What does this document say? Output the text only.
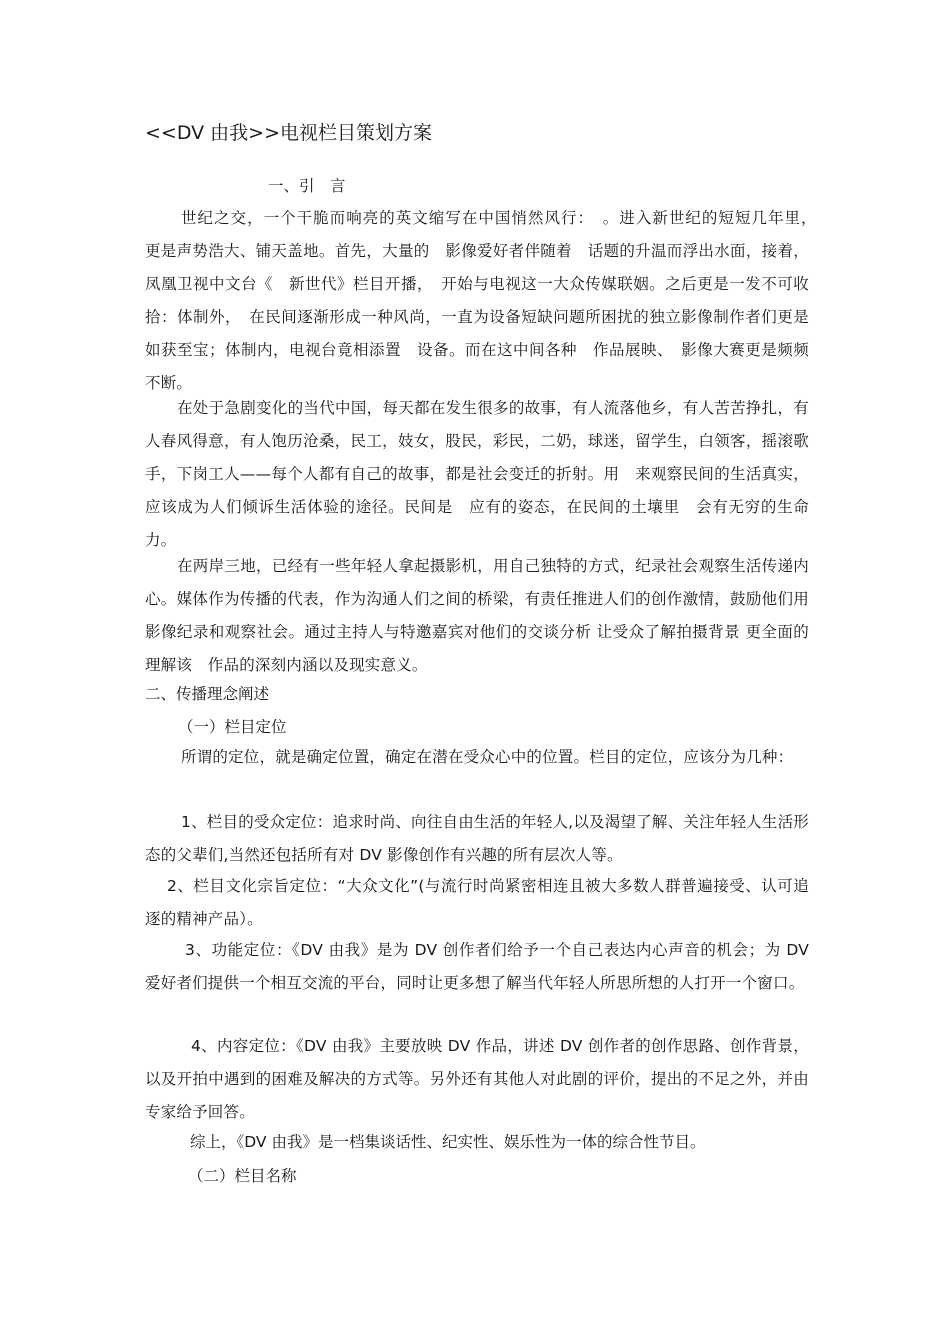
<<DV 由我>>电视栏目策划方案
一、引　言
世纪之交，一个干脆而响亮的英文缩写在中国悄然风行：　。进入新世纪的短短几年里，　更是声势浩大、铺天盖地。首先，大量的　影像爱好者伴随着　话题的升温而浮出水面，接着，凤凰卫视中文台《　新世代》栏目开播，　开始与电视这一大众传媒联姻。之后更是一发不可收拾：体制外，　在民间逐渐形成一种风尚，一直为设备短缺问题所困扰的独立影像制作者们更是如获至宝；体制内，电视台竟相添置　设备。而在这中间各种　作品展映、　影像大赛更是频频不断。
在处于急剧变化的当代中国，每天都在发生很多的故事，有人流落他乡，有人苦苦挣扎，有人春风得意，有人饱历沧桑，民工，妓女，股民，彩民，二奶，球迷，留学生，白领客，摇滚歌手，下岗工人——每个人都有自己的故事，都是社会变迁的折射。用　来观察民间的生活真实，应该成为人们倾诉生活体验的途径。民间是　应有的姿态，在民间的土壤里　会有无穷的生命力。
在两岸三地，已经有一些年轻人拿起摄影机，用自己独特的方式，纪录社会观察生活传递内心。媒体作为传播的代表，作为沟通人们之间的桥梁，有责任推进人们的创作激情，鼓励他们用影像纪录和观察社会。通过主持人与特邀嘉宾对他们的交谈分析 让受众了解拍摄背景 更全面的理解该　作品的深刻内涵以及现实意义。
二、传播理念阐述
（一）栏目定位
所谓的定位，就是确定位置，确定在潜在受众心中的位置。栏目的定位，应该分为几种：
1、栏目的受众定位：追求时尚、向往自由生活的年轻人,以及渴望了解、关注年轻人生活形态的父辈们,当然还包括所有对 DV 影像创作有兴趣的所有层次人等。
2、栏目文化宗旨定位：“大众文化”(与流行时尚紧密相连且被大多数人群普遍接受、认可追逐的精神产品）。
3、功能定位：《DV 由我》是为 DV 创作者们给予一个自己表达内心声音的机会；为 DV 爱好者们提供一个相互交流的平台，同时让更多想了解当代年轻人所思所想的人打开一个窗口。
4、内容定位：《DV 由我》主要放映 DV 作品，讲述 DV 创作者的创作思路、创作背景，以及开拍中遇到的困难及解决的方式等。另外还有其他人对此剧的评价，提出的不足之外，并由专家给予回答。
综上，《DV 由我》是一档集谈话性、纪实性、娱乐性为一体的综合性节目。
（二）栏目名称
